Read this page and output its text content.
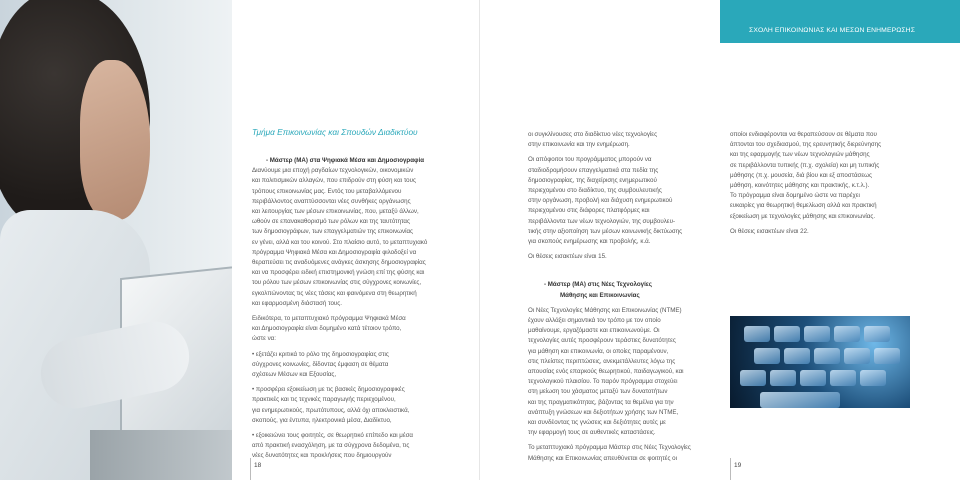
Τμήμα Επικοινωνίας και Σπουδών Διαδικτύου

- Μάστερ (ΜΑ) στα Ψηφιακά Μέσα και Δημοσιογραφία

Διανύουμε μια εποχή ραγδαίων τεχνολογικών, οικονομικών

και πολιτισμικών αλλαγών, που επιδρούν στη φύση και τους

τρόπους επικοινωνίας μας. Εντός του μεταβαλλόμενου

περιβάλλοντος αναπτύσσονται νέες συνθήκες οργάνωσης

και λειτουργίας των μέσων επικοινωνίας, που, μεταξύ άλλων,

ωθούν σε επανακαθορισμό των ρόλων και της ταυτότητας

των δημοσιογράφων, των επαγγελματιών της επικοινωνίας

εν γένει, αλλά και του κοινού. Στο πλαίσιο αυτό, το μεταπτυχιακό

πρόγραμμα Ψηφιακά Μέσα και Δημοσιογραφία φιλοδοξεί να

θεραπεύσει τις αναδυόμενες ανάγκες άσκησης δημοσιογραφίας

και να προσφέρει ειδική επιστημονική γνώση επί της φύσης και

του ρόλου των μέσων επικοινωνίας στις σύγχρονες κοινωνίες,

εγκολπώνοντας τις νέες τάσεις και φαινόμενα στη θεωρητική

και εφαρμοσμένη διάστασή τους.

Ειδικότερα, το μεταπτυχιακό πρόγραμμα Ψηφιακά Μέσα

και Δημοσιογραφία είναι δομημένο κατά τέτοιον τρόπο,

ώστε να:

• εξετάζει κριτικά το ρόλο της δημοσιογραφίας στις

σύγχρονες κοινωνίες, δίδοντας έμφαση σε θέματα

σχέσεων Μέσων και Εξουσίας,

• προσφέρει εξοικείωση με τις βασικές δημοσιογραφικές

πρακτικές και τις τεχνικές παραγωγής περιεχομένου,

για ενημερωτικούς, πρωτότυπους, αλλά όχι αποκλειστικά,

σκοπούς, για έντυπα, ηλεκτρονικά μέσα, Διαδίκτυο,

• εξοικειώνει τους φοιτητές, σε θεωρητικό επίπεδο και μέσα

από πρακτική ενασχόληση, με τα σύγχρονα δεδομένα, τις

νέες δυνατότητες και προκλήσεις που δημιουργούν

18
ΣΧΟΛΗ ΕΠΙΚΟΙΝΩΝΙΑΣ ΚΑΙ ΜΕΣΩΝ ΕΝΗΜΕΡΩΣΗΣ

οι συγκλίνουσες στο διαδίκτυο νέες τεχνολογίες

στην επικοινωνία και την ενημέρωση.

Οι απόφοιτοι του προγράμματος μπορούν να

σταδιοδρομήσουν επαγγελματικά στα πεδία της

δημοσιογραφίας, της διαχείρισης ενημερωτικού

περιεχομένου στο διαδίκτυο, της συμβουλευτικής

στην οργάνωση, προβολή και διάχυση ενημερωτικού

περιεχομένου στις διάφορες πλατφόρμες και

περιβάλλοντα των νέων τεχνολογιών, της συμβουλευ-

τικής στην αξιοποίηση των μέσων κοινωνικής δικτύωσης

για σκοπούς ενημέρωσης και προβολής, κ.ά.

Οι θέσεις εισακτέων είναι 15.

- Μάστερ (ΜΑ) στις Νέες Τεχνολογίες

Μάθησης και Επικοινωνίας

Οι Νέες Τεχνολογίες Μάθησης και Επικοινωνίας (ΝΤΜΕ)

έχουν αλλάξει σημαντικά τον τρόπο με τον οποίο

μαθαίνουμε, εργαζόμαστε και επικοινωνούμε. Οι

τεχνολογίες αυτές προσφέρουν τεράστιες δυνατότητες

για μάθηση και επικοινωνία, οι οποίες παραμένουν,

στις πλείστες περιπτώσεις, ανεκμετάλλευτες λόγω της

απουσίας ενός επαρκούς θεωρητικού, παιδαγωγικού, και

τεχνολογικού πλαισίου. Το παρόν πρόγραμμα στοχεύει

στη μείωση του χάσματος μεταξύ των δυνατοτήτων

και της πραγματικότητας, βάζοντας τα θεμέλια για την

ανάπτυξη γνώσεων και δεξιοτήτων χρήσης των ΝΤΜΕ,

και συνδέοντας τις γνώσεις και δεξιότητες αυτές με

την εφαρμογή τους σε αυθεντικές καταστάσεις.

Το μεταπτυχιακό πρόγραμμα Μάστερ στις Νέες Τεχνολογίες

Μάθησης και Επικοινωνίας απευθύνεται σε φοιτητές οι

οποίοι ενδιαφέρονται να θεραπεύσουν σε θέματα που

άπτονται του σχεδιασμού, της ερευνητικής διερεύνησης

και της εφαρμογής των νέων τεχνολογιών μάθησης

σε περιβάλλοντα τυπικής (π.χ. σχολεία) και μη τυπικής

μάθησης (π.χ. μουσεία, διά βίου και εξ αποστάσεως

μάθηση, κοινότητες μάθησης και πρακτικής, κ.τ.λ.).

Το πρόγραμμα είναι δομημένο ώστε να παρέχει

ευκαιρίες για θεωρητική θεμελίωση αλλά και πρακτική

εξοικείωση με τεχνολογίες μάθησης και επικοινωνίας.

Οι θέσεις εισακτέων είναι 22.

19
